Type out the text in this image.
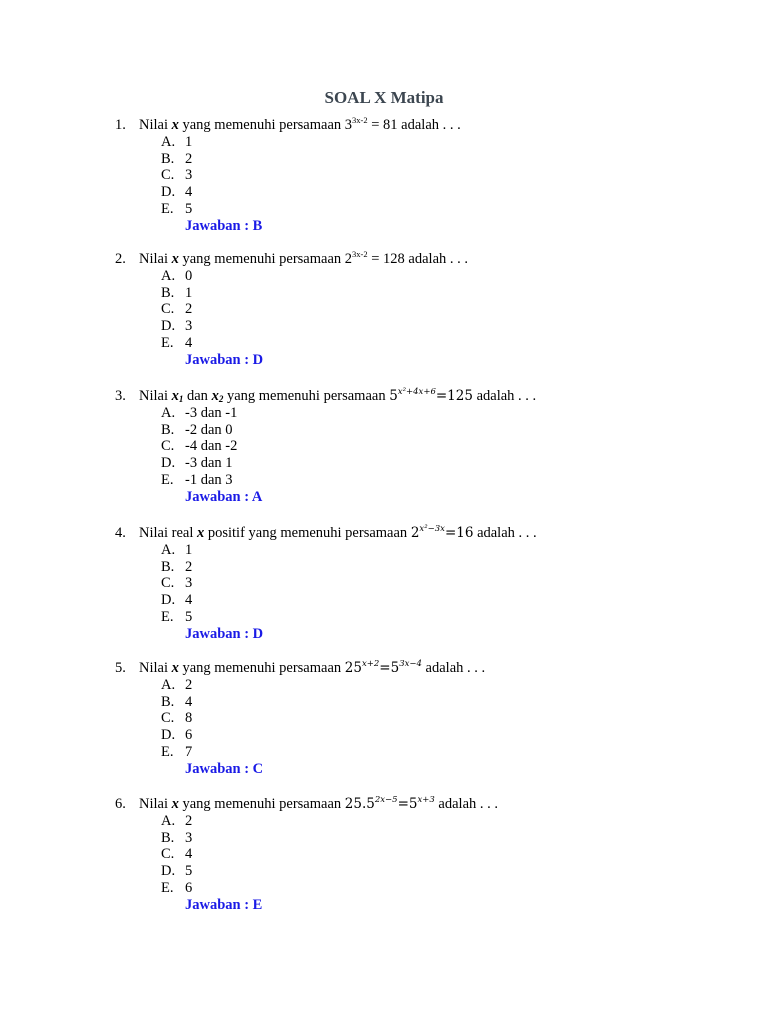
SOAL X Matipa
1. Nilai x yang memenuhi persamaan $3^{3x-2} = 81$ adalah . . .
A. 1
B. 2
C. 3
D. 4
E. 5
Jawaban : B
2. Nilai x yang memenuhi persamaan $2^{3x-2} = 128$ adalah . . .
A. 0
B. 1
C. 2
D. 3
E. 4
Jawaban : D
3. Nilai $x_1$ dan $x_2$ yang memenuhi persamaan $5^{x^2+4x+6}=125$ adalah . . .
A. -3 dan -1
B. -2 dan 0
C. -4 dan -2
D. -3 dan 1
E. -1 dan 3
Jawaban : A
4. Nilai real x positif yang memenuhi persamaan $2^{x^2-3x}=16$ adalah . . .
A. 1
B. 2
C. 3
D. 4
E. 5
Jawaban : D
5. Nilai x yang memenuhi persamaan $25^{x+2}=5^{3x-4}$ adalah . . .
A. 2
B. 4
C. 8
D. 6
E. 7
Jawaban : C
6. Nilai x yang memenuhi persamaan $25.5^{2x-5}=5^{x+3}$ adalah . . .
A. 2
B. 3
C. 4
D. 5
E. 6
Jawaban : E
